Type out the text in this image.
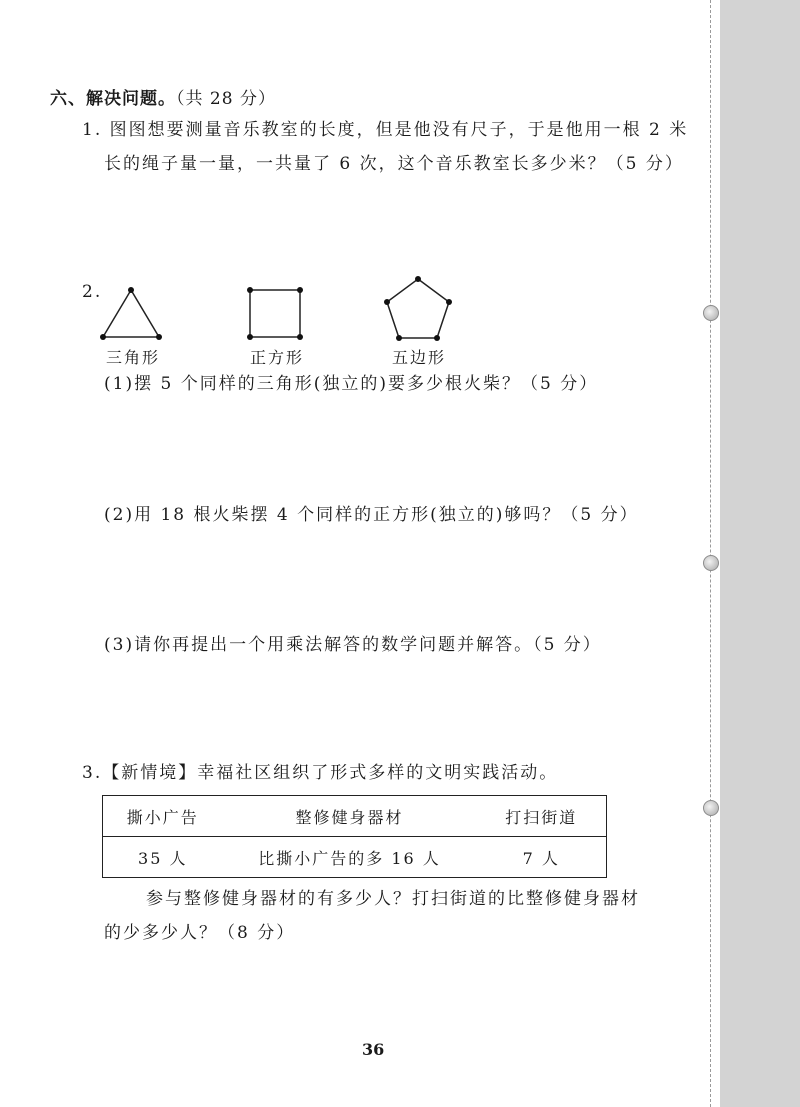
六、解决问题。（共 28 分）
1. 图图想要测量音乐教室的长度，但是他没有尺子，于是他用一根 2 米
长的绳子量一量，一共量了 6 次，这个音乐教室长多少米？（5 分）
2.
三角形	正方形	五边形
(1)摆 5 个同样的三角形(独立的)要多少根火柴？（5 分）
(2)用 18 根火柴摆 4 个同样的正方形(独立的)够吗？（5 分）
(3)请你再提出一个用乘法解答的数学问题并解答。（5 分）
3.【新情境】幸福社区组织了形式多样的文明实践活动。
撕小广告	整修健身器材	打扫街道
35 人	比撕小广告的多 16 人	7 人
参与整修健身器材的有多少人？打扫街道的比整修健身器材
的少多少人？（8 分）
36
